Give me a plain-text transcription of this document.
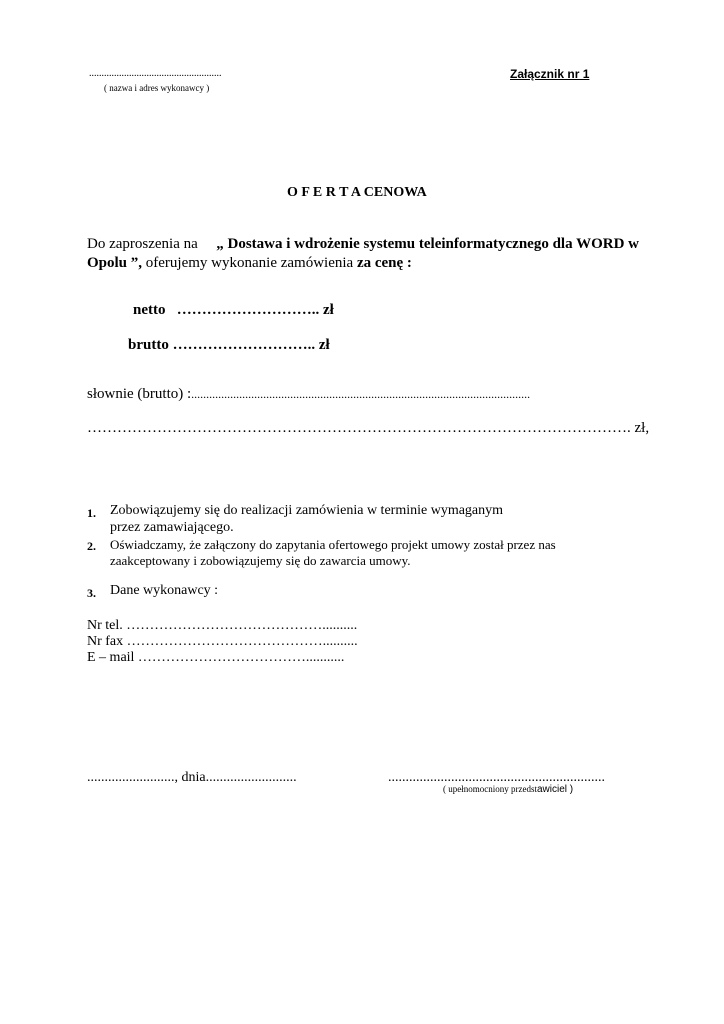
.....................................................
( nazwa i adres wykonawcy )
Załącznik nr 1
O F E R T A CENOWA
Do zaproszenia na „ Dostawa i wdrożenie systemu teleinformatycznego dla WORD w
Opolu ”, oferujemy wykonanie zamówienia za cenę :
netto ……………………….. zł
brutto ……………………….. zł
słownie (brutto) :.................................................................................................................
………………………………………………………………………………………………. zł,
1. Zobowiązujemy się do realizacji zamówienia w terminie wymaganym
przez zamawiającego.
2. Oświadczamy, że załączony do zapytania ofertowego projekt umowy został przez nas
zaakceptowany i zobowiązujemy się do zawarcia umowy.
3. Dane wykonawcy :
Nr tel. ……………………………………..........
Nr fax ……………………………………..........
E – mail ………………………………...........
........................., dnia..........................	..............................................................
( upełnomocniony przedstawiciel )
